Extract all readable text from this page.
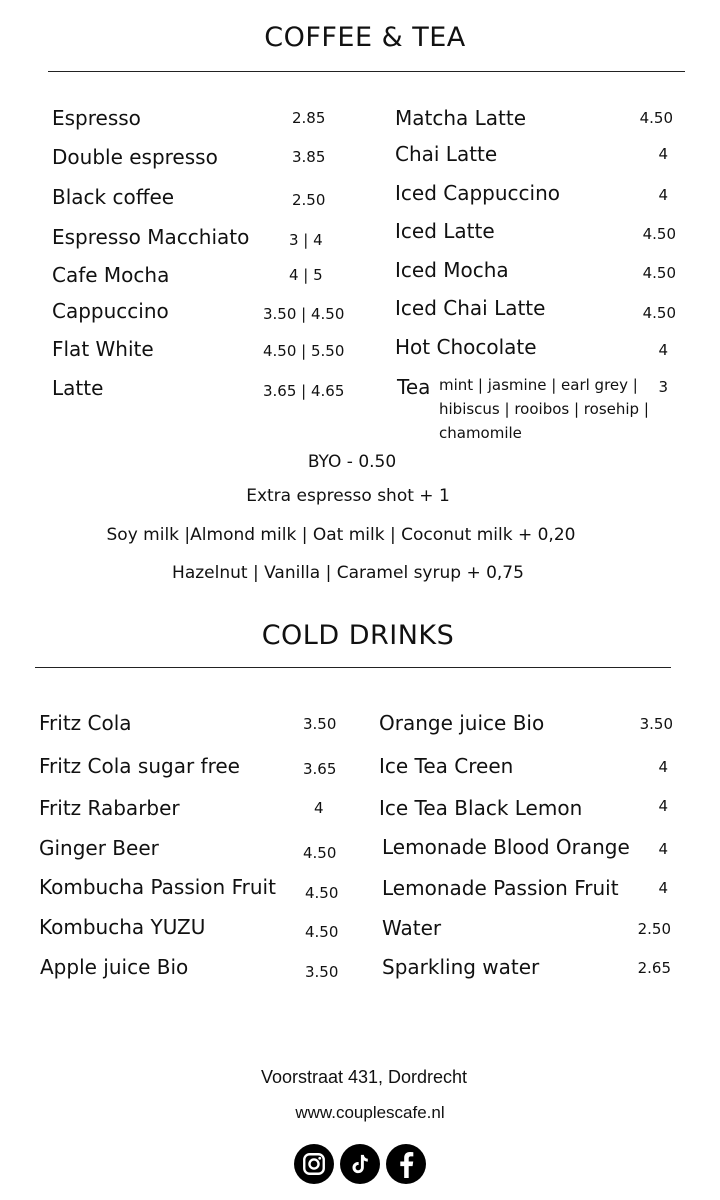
COFFEE & TEA
Espresso
Double espresso
Black coffee
Espresso Macchiato
Cafe Mocha
Cappuccino
Flat White
Latte
2.85
3.85
2.50
3 | 4
4 | 5
3.50 | 4.50
4.50 | 5.50
3.65 | 4.65
Matcha Latte
Chai Latte
Iced Cappuccino
Iced Latte
Iced Mocha
Iced Chai Latte
Hot Chocolate
4.50
4
4
4.50
4.50
4.50
4
Tea mint | jasmine | earl grey | hibiscus | rooibos | rosehip | chamomile
3
BYO - 0.50
Extra espresso shot + 1
Soy milk |Almond milk | Oat milk | Coconut milk + 0,20
Hazelnut | Vanilla | Caramel syrup + 0,75
COLD DRINKS
Fritz Cola
Fritz Cola sugar free
Fritz Rabarber
Ginger Beer
Kombucha Passion Fruit
Kombucha YUZU
Apple juice Bio
3.50
3.65
4
4.50
4.50
4.50
3.50
Orange juice Bio
Ice Tea Creen
Ice Tea Black Lemon
Lemonade Blood Orange
Lemonade Passion Fruit
Water
Sparkling water
3.50
4
4
4
4
2.50
2.65
Voorstraat 431, Dordrecht
www.couplescafe.nl
